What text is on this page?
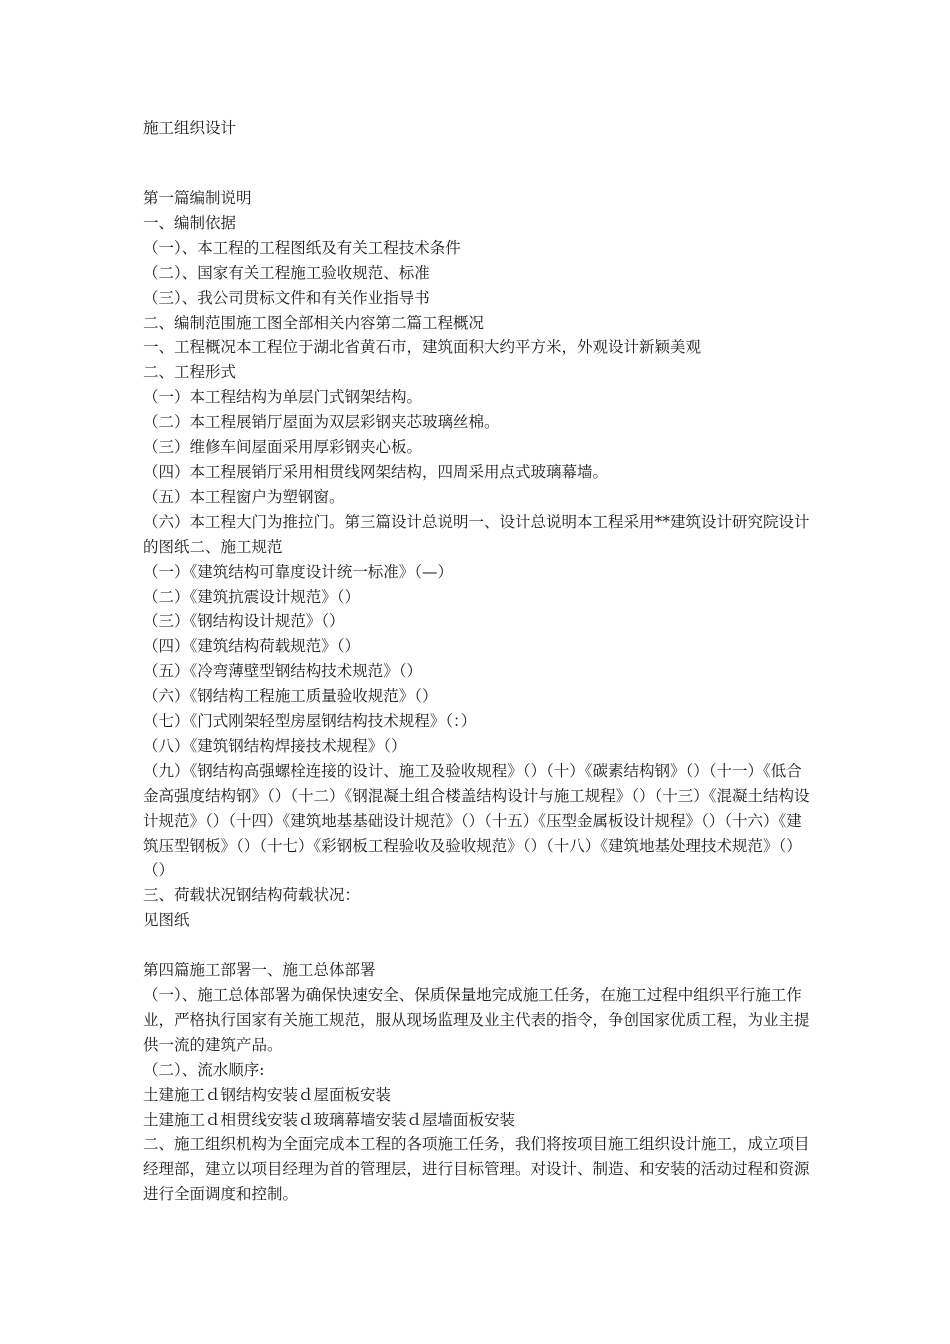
施工组织设计

第一篇编制说明

一、编制依据

（一）、本工程的工程图纸及有关工程技术条件

（二）、国家有关工程施工验收规范、标准

（三）、我公司贯标文件和有关作业指导书

二、编制范围施工图全部相关内容第二篇工程概况

一、工程概况本工程位于湖北省黄石市，建筑面积大约平方米，外观设计新颖美观

二、工程形式

（一）本工程结构为单层门式钢架结构。

（二）本工程展销厅屋面为双层彩钢夹芯玻璃丝棉。

（三）维修车间屋面采用厚彩钢夹心板。

（四）本工程展销厅采用相贯线网架结构，四周采用点式玻璃幕墙。

（五）本工程窗户为塑钢窗。

（六）本工程大门为推拉门。第三篇设计总说明一、设计总说明本工程采用**建筑设计研究院设计的图纸二、施工规范

（一）《建筑结构可靠度设计统一标准》（—）

（二）《建筑抗震设计规范》（）

（三）《钢结构设计规范》（）

（四）《建筑结构荷载规范》（）

（五）《冷弯薄壁型钢结构技术规范》（）

（六）《钢结构工程施工质量验收规范》（）

（七）《门式刚架轻型房屋钢结构技术规程》（：）

（八）《建筑钢结构焊接技术规程》（）

（九）《钢结构高强螺栓连接的设计、施工及验收规程》（）（十）《碳素结构钢》（）（十一）《低合金高强度结构钢》（）（十二）《钢混凝土组合楼盖结构设计与施工规程》（）（十三）《混凝土结构设计规范》（）（十四）《建筑地基基础设计规范》（）（十五）《压型金属板设计规程》（）（十六）《建筑压型钢板》（）（十七）《彩钢板工程验收及验收规范》（）（十八）《建筑地基处理技术规范》（）（）

三、荷载状况钢结构荷载状况：

见图纸

第四篇施工部署一、施工总体部署

（一）、施工总体部署为确保快速安全、保质保量地完成施工任务，在施工过程中组织平行施工作业，严格执行国家有关施工规范，服从现场监理及业主代表的指令，争创国家优质工程，为业主提供一流的建筑产品。

（二）、流水顺序:

土建施工ｄ钢结构安装ｄ屋面板安装

土建施工ｄ相贯线安装ｄ玻璃幕墙安装ｄ屋墙面板安装

二、施工组织机构为全面完成本工程的各项施工任务，我们将按项目施工组织设计施工，成立项目经理部，建立以项目经理为首的管理层，进行目标管理。对设计、制造、和安装的活动过程和资源进行全面调度和控制。
